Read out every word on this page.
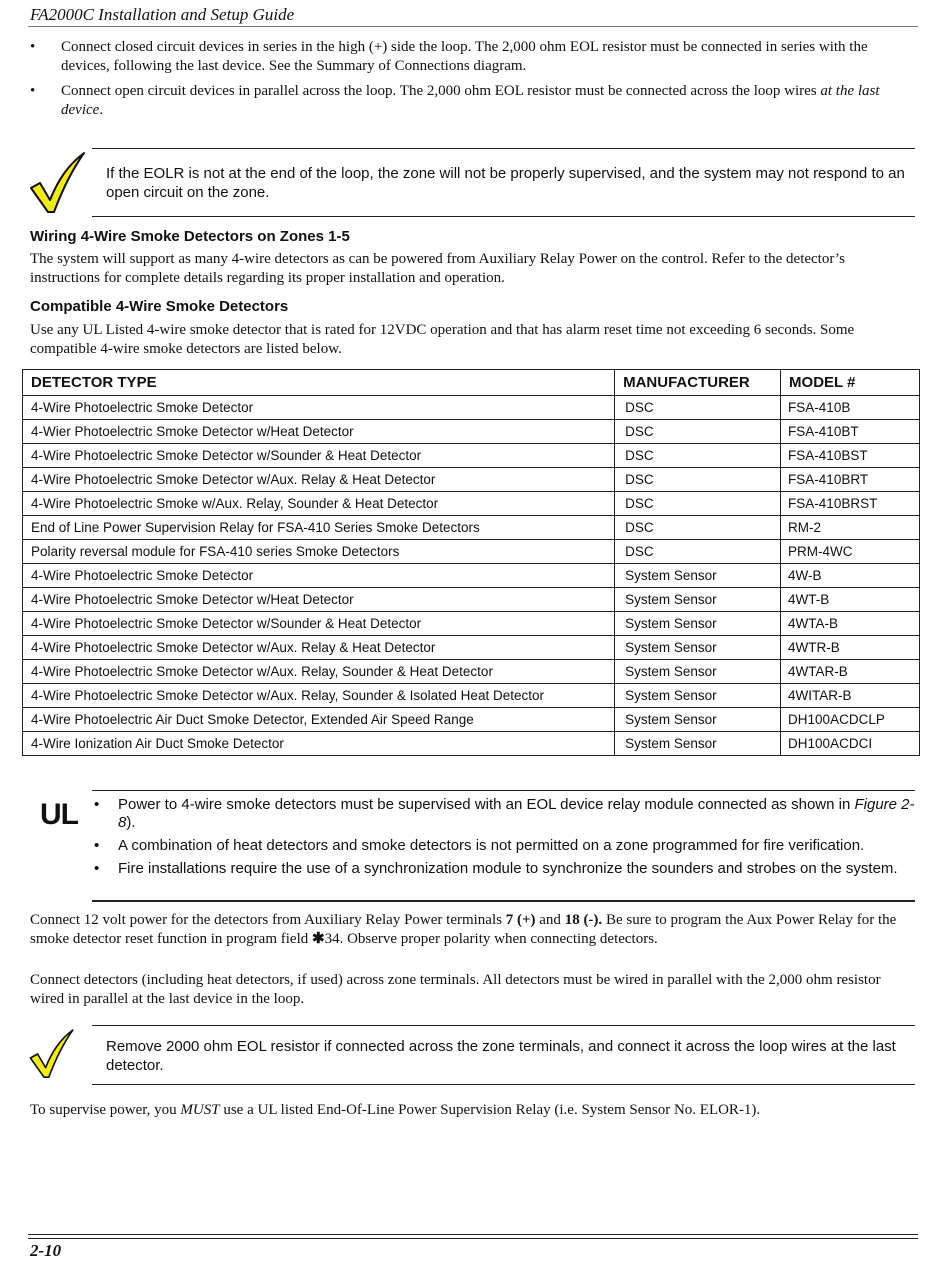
FA2000C Installation and Setup Guide
• Connect closed circuit devices in series in the high (+) side the loop. The 2,000 ohm EOL resistor must be connected in series with the devices, following the last device. See the Summary of Connections diagram.
• Connect open circuit devices in parallel across the loop. The 2,000 ohm EOL resistor must be connected across the loop wires at the last device.
If the EOLR is not at the end of the loop, the zone will not be properly supervised, and the system may not respond to an open circuit on the zone.
Wiring 4-Wire Smoke Detectors on Zones 1-5
The system will support as many 4-wire detectors as can be powered from Auxiliary Relay Power on the control. Refer to the detector’s instructions for complete details regarding its proper installation and operation.
Compatible 4-Wire Smoke Detectors
Use any UL Listed 4-wire smoke detector that is rated for 12VDC operation and that has alarm reset time not exceeding 6 seconds. Some compatible 4-wire smoke detectors are listed below.
DETECTOR TYPE	MANUFACTURER	MODEL #
4-Wire Photoelectric Smoke Detector	DSC	FSA-410B
4-Wier Photoelectric Smoke Detector w/Heat Detector	DSC	FSA-410BT
4-Wire Photoelectric Smoke Detector w/Sounder & Heat Detector	DSC	FSA-410BST
4-Wire Photoelectric Smoke Detector w/Aux. Relay & Heat Detector	DSC	FSA-410BRT
4-Wire Photoelectric Smoke w/Aux. Relay, Sounder & Heat Detector	DSC	FSA-410BRST
End of Line Power Supervision Relay for FSA-410 Series Smoke Detectors	DSC	RM-2
Polarity reversal module for FSA-410 series Smoke Detectors	DSC	PRM-4WC
4-Wire Photoelectric Smoke Detector	System Sensor	4W-B
4-Wire Photoelectric Smoke Detector w/Heat Detector	System Sensor	4WT-B
4-Wire Photoelectric Smoke Detector w/Sounder & Heat Detector	System Sensor	4WTA-B
4-Wire Photoelectric Smoke Detector w/Aux. Relay & Heat Detector	System Sensor	4WTR-B
4-Wire Photoelectric Smoke Detector w/Aux. Relay, Sounder & Heat Detector	System Sensor	4WTAR-B
4-Wire Photoelectric Smoke Detector w/Aux. Relay, Sounder & Isolated Heat Detector	System Sensor	4WITAR-B
4-Wire Photoelectric Air Duct Smoke Detector, Extended Air Speed Range	System Sensor	DH100ACDCLP
4-Wire Ionization Air Duct Smoke Detector	System Sensor	DH100ACDCI
UL • Power to 4-wire smoke detectors must be supervised with an EOL device relay module connected as shown in Figure 2-8).
• A combination of heat detectors and smoke detectors is not permitted on a zone programmed for fire verification.
• Fire installations require the use of a synchronization module to synchronize the sounders and strobes on the system.
Connect 12 volt power for the detectors from Auxiliary Relay Power terminals 7 (+) and 18 (-). Be sure to program the Aux Power Relay for the smoke detector reset function in program field ✱34. Observe proper polarity when connecting detectors.
Connect detectors (including heat detectors, if used) across zone terminals. All detectors must be wired in parallel with the 2,000 ohm resistor wired in parallel at the last device in the loop.
Remove 2000 ohm EOL resistor if connected across the zone terminals, and connect it across the loop wires at the last detector.
To supervise power, you MUST use a UL listed End-Of-Line Power Supervision Relay (i.e. System Sensor No. ELOR-1).
2-10
